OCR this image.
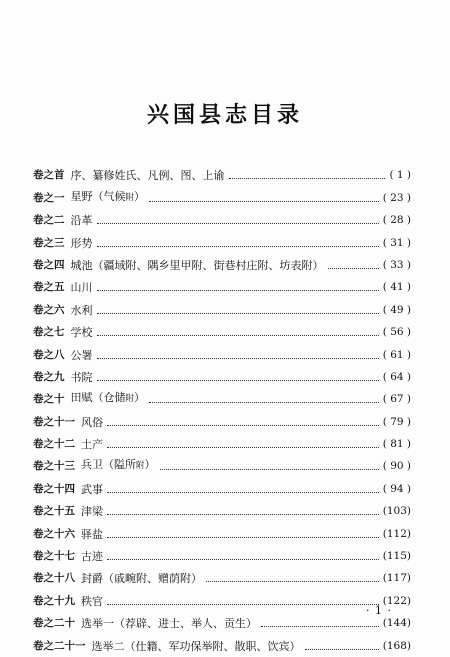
兴国县志目录
卷之首 序、纂修姓氏、凡例、图、上谕	( 1 )
卷之一 星野（气候附）	( 23 )
卷之二 沿革	( 28 )
卷之三 形势	( 31 )
卷之四 城池（疆域附、隅乡里甲附、街巷村庄附、坊表附）	( 33 )
卷之五 山川	( 41 )
卷之六 水利	( 49 )
卷之七 学校	( 56 )
卷之八 公署	( 61 )
卷之九 书院	( 64 )
卷之十 田赋（仓储附）	( 67 )
卷之十一 风俗	( 79 )
卷之十二 土产	( 81 )
卷之十三 兵卫（隘所附）	( 90 )
卷之十四 武事	( 94 )
卷之十五 津梁	(103)
卷之十六 驿盐	(112)
卷之十七 古迹	(115)
卷之十八 封爵（戚畹附、赠荫附）	(117)
卷之十九 秩官	(122)
卷之二十 选举一（荐辟、进士、举人、贡生）	(144)
卷之二十一 选举二（仕籍、军功保举附、散职、饮宾）	(168)
· 1 ·
